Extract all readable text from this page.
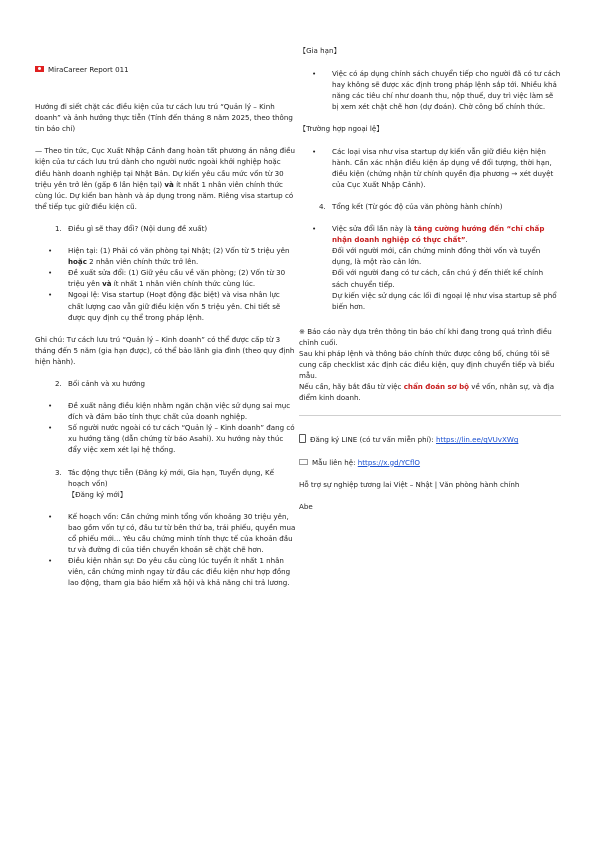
MiraCareer Report 011

Hướng đi siết chặt các điều kiện của tư cách lưu trú “Quản lý – Kinh doanh” và ảnh hưởng thực tiễn (Tính đến tháng 8 năm 2025, theo thông tin báo chí)

— Theo tin tức, Cục Xuất Nhập Cảnh đang hoàn tất phương án nâng điều kiện của tư cách lưu trú dành cho người nước ngoài khởi nghiệp hoặc điều hành doanh nghiệp tại Nhật Bản. Dự kiến yêu cầu mức vốn từ 30 triệu yên trở lên (gấp 6 lần hiện tại) và ít nhất 1 nhân viên chính thức cùng lúc. Dự kiến ban hành và áp dụng trong năm. Riêng visa startup có thể tiếp tục giữ điều kiện cũ.

1. Điều gì sẽ thay đổi? (Nội dung đề xuất)
• Hiện tại: (1) Phải có văn phòng tại Nhật; (2) Vốn từ 5 triệu yên hoặc 2 nhân viên chính thức trở lên.
• Đề xuất sửa đổi: (1) Giữ yêu cầu về văn phòng; (2) Vốn từ 30 triệu yên và ít nhất 1 nhân viên chính thức cùng lúc.
• Ngoại lệ: Visa startup (Hoạt động đặc biệt) và visa nhân lực chất lượng cao vẫn giữ điều kiện vốn 5 triệu yên. Chi tiết sẽ được quy định cụ thể trong pháp lệnh.

Ghi chú: Tư cách lưu trú “Quản lý – Kinh doanh” có thể được cấp từ 3 tháng đến 5 năm (gia hạn được), có thể bảo lãnh gia đình (theo quy định hiện hành).

2. Bối cảnh và xu hướng
• Đề xuất nâng điều kiện nhằm ngăn chặn việc sử dụng sai mục đích và đảm bảo tính thực chất của doanh nghiệp.
• Số người nước ngoài có tư cách “Quản lý – Kinh doanh” đang có xu hướng tăng (dẫn chứng từ báo Asahi). Xu hướng này thúc đẩy việc xem xét lại hệ thống.
3. Tác động thực tiễn (Đăng ký mới, Gia hạn, Tuyển dụng, Kế hoạch vốn)
【Đăng ký mới】
• Kế hoạch vốn: Cần chứng minh tổng vốn khoảng 30 triệu yên, bao gồm vốn tự có, đầu tư từ bên thứ ba, trái phiếu, quyền mua cổ phiếu mới… Yêu cầu chứng minh tính thực tế của khoản đầu tư và đường đi của tiền chuyển khoản sẽ chặt chẽ hơn.
• Điều kiện nhân sự: Do yêu cầu cùng lúc tuyển ít nhất 1 nhân viên, cần chứng minh ngay từ đầu các điều kiện như hợp đồng lao động, tham gia bảo hiểm xã hội và khả năng chi trả lương.

【Gia hạn】

• Việc có áp dụng chính sách chuyển tiếp cho người đã có tư cách hay không sẽ được xác định trong pháp lệnh sắp tới. Nhiều khả năng các tiêu chí như doanh thu, nộp thuế, duy trì việc làm sẽ bị xem xét chặt chẽ hơn (dự đoán). Chờ công bố chính thức.

【Trường hợp ngoại lệ】

• Các loại visa như visa startup dự kiến vẫn giữ điều kiện hiện hành. Cần xác nhận điều kiện áp dụng về đối tượng, thời hạn, điều kiện (chứng nhận từ chính quyền địa phương → xét duyệt của Cục Xuất Nhập Cảnh).
4. Tổng kết (Từ góc độ của văn phòng hành chính)
• Việc sửa đổi lần này là tăng cường hướng đến “chỉ chấp nhận doanh nghiệp có thực chất”.
Đối với người mới, cần chứng minh đồng thời vốn và tuyển dụng, là một rào cản lớn.
Đối với người đang có tư cách, cần chú ý đến thiết kế chính sách chuyển tiếp.
Dự kiến việc sử dụng các lối đi ngoại lệ như visa startup sẽ phổ biến hơn.

※ Báo cáo này dựa trên thông tin báo chí khi đang trong quá trình điều chỉnh cuối.

Sau khi pháp lệnh và thông báo chính thức được công bố, chúng tôi sẽ cung cấp checklist xác định các điều kiện, quy định chuyển tiếp và biểu mẫu.

Nếu cần, hãy bắt đầu từ việc chẩn đoán sơ bộ về vốn, nhân sự, và địa điểm kinh doanh.

Đăng ký LINE (có tư vấn miễn phí): https://lin.ee/qVUvXWg

Mẫu liên hệ: https://x.gd/YCflO

Hỗ trợ sự nghiệp tương lai Việt – Nhật | Văn phòng hành chính

Abe
